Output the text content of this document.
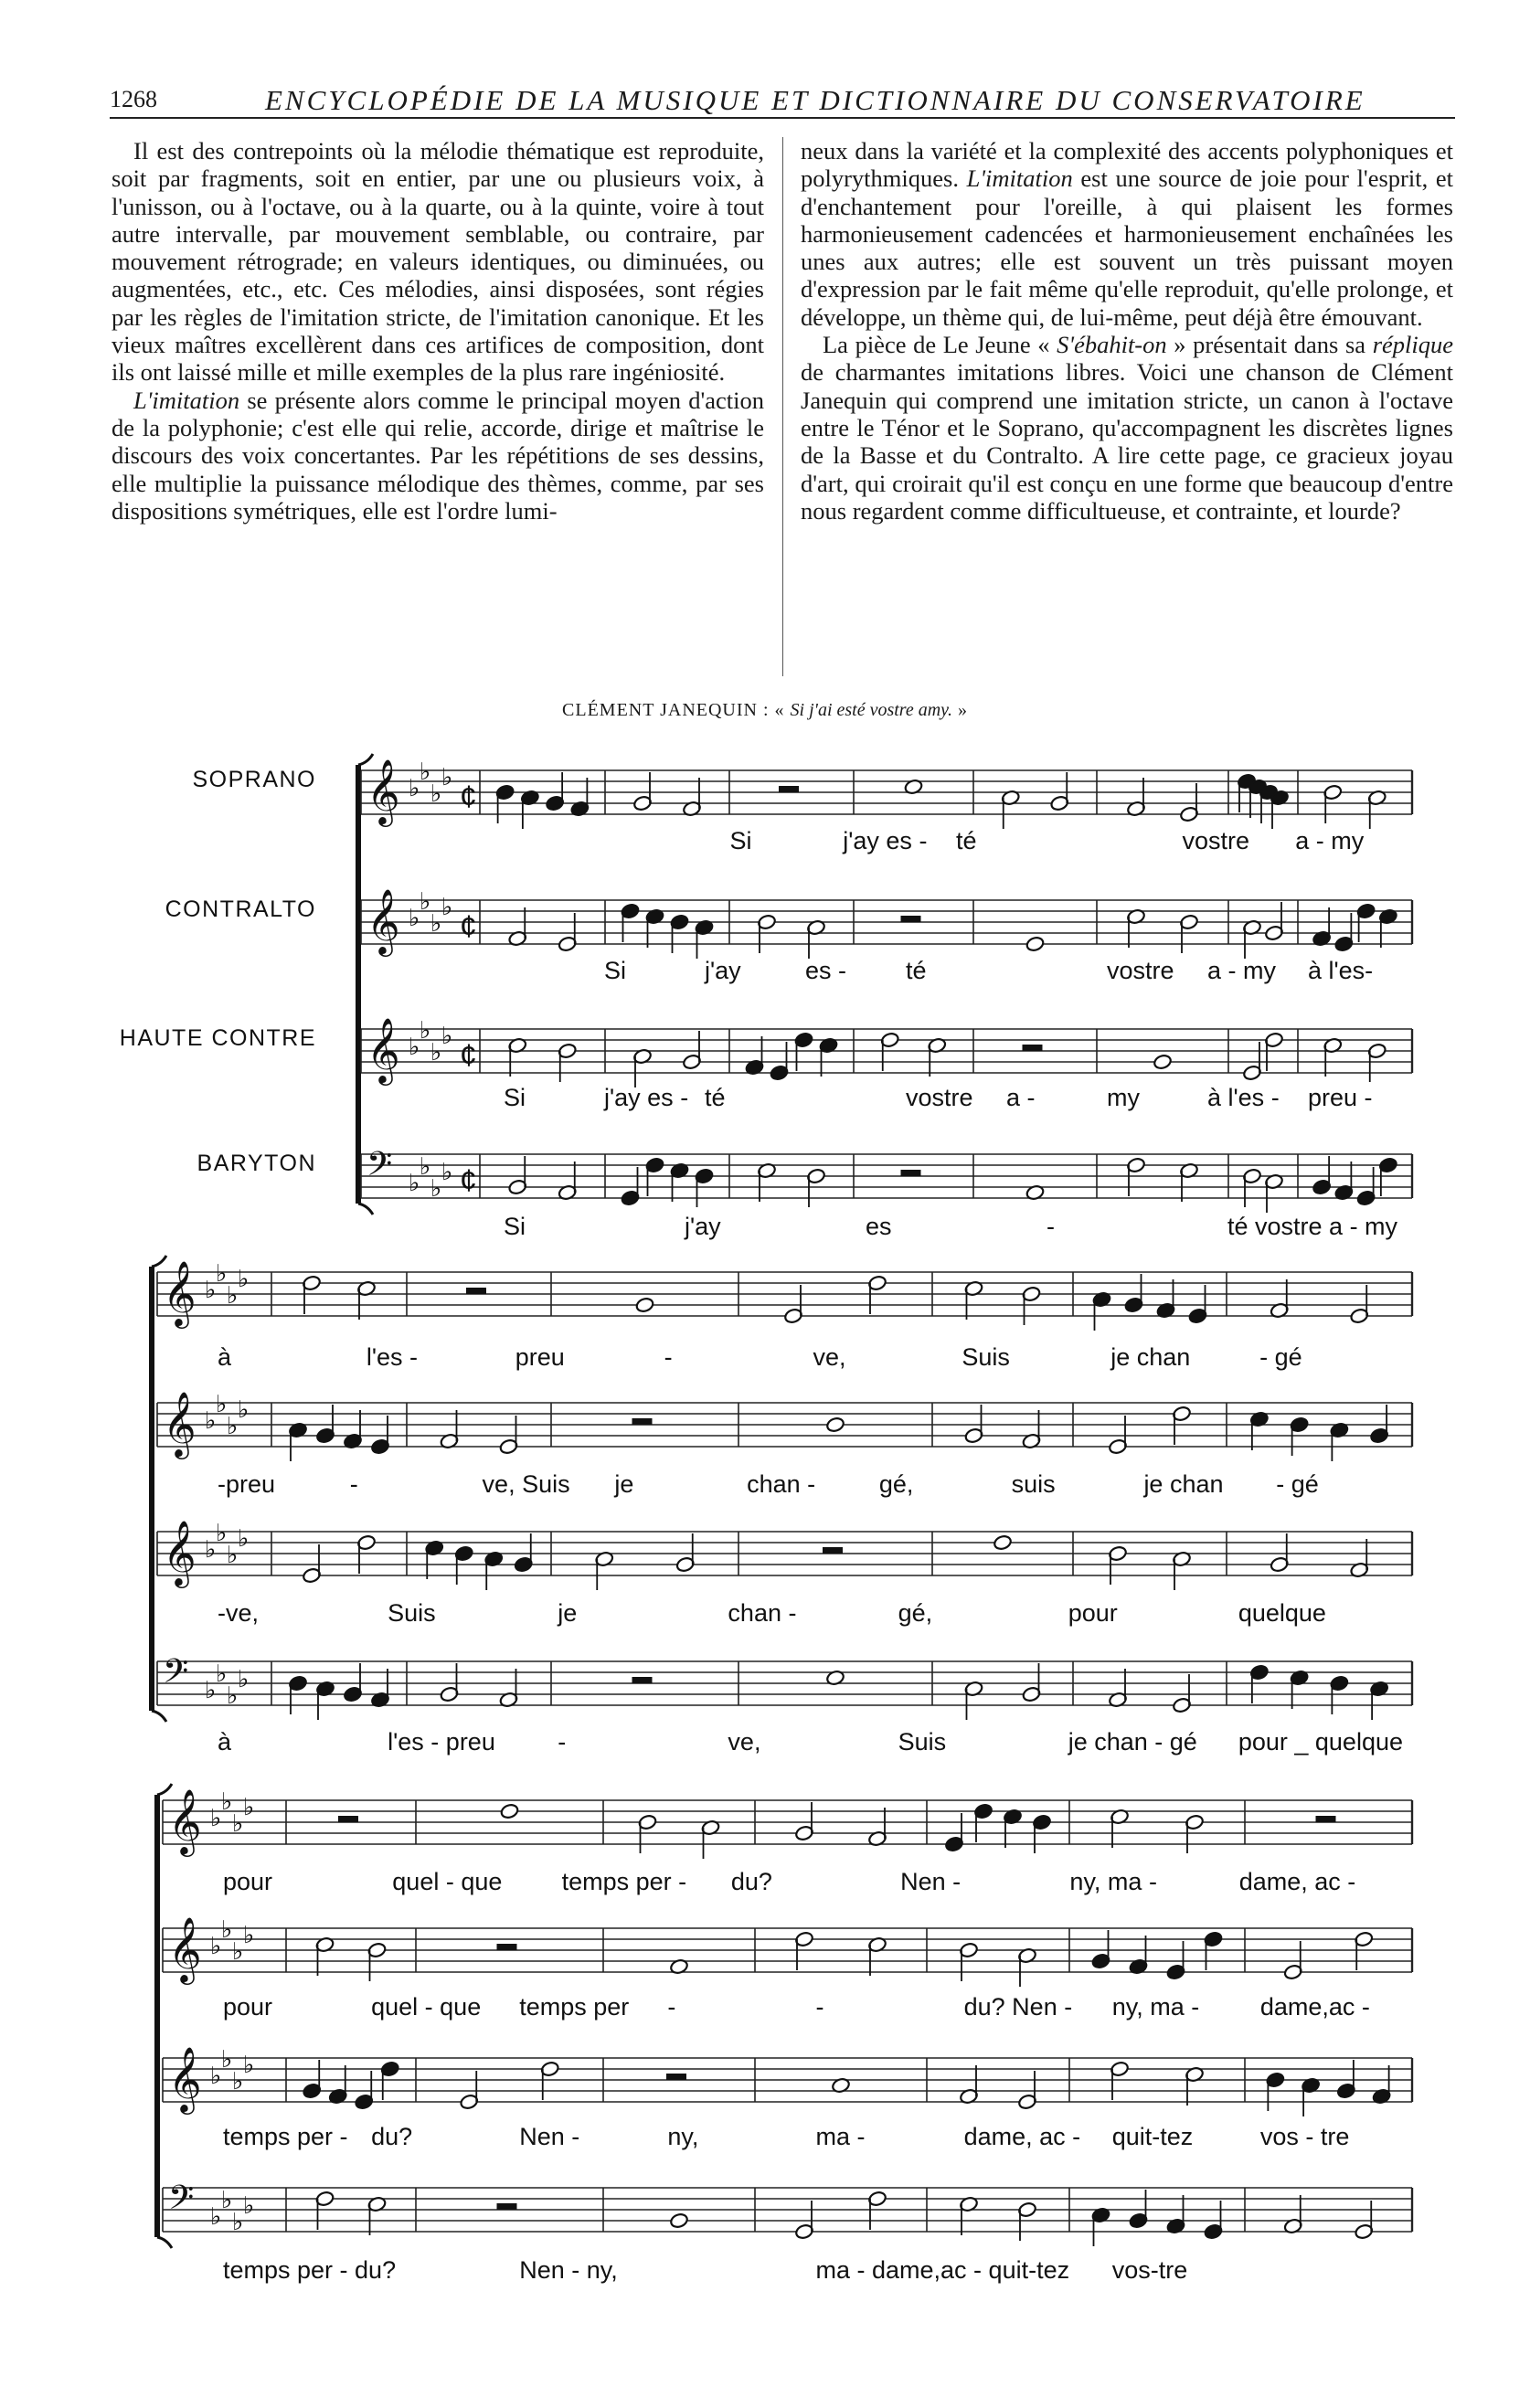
1268	ENCYCLOPÉDIE DE LA MUSIQUE ET DICTIONNAIRE DU CONSERVATOIRE

Il est des contrepoints où la mélodie thématique est reproduite, soit par fragments, soit en entier, par une ou plusieurs voix, à l'unisson, ou à l'octave, ou à la quarte, ou à la quinte, voire à tout autre intervalle, par mouvement semblable, ou contraire, par mouvement rétrograde; en valeurs identiques, ou diminuées, ou augmentées, etc., etc. Ces mélodies, ainsi disposées, sont régies par les règles de l'imitation stricte, de l'imitation canonique. Et les vieux maîtres excellèrent dans ces artifices de composition, dont ils ont laissé mille et mille exemples de la plus rare ingéniosité.

L'imitation se présente alors comme le principal moyen d'action de la polyphonie; c'est elle qui relie, accorde, dirige et maîtrise le discours des voix concertantes. Par les répétitions de ses dessins, elle multiplie la puissance mélodique des thèmes, comme, par ses dispositions symétriques, elle est l'ordre lumi-

neux dans la variété et la complexité des accents polyphoniques et polyrythmiques. L'imitation est une source de joie pour l'esprit, et d'enchantement pour l'oreille, à qui plaisent les formes harmonieusement cadencées et harmonieusement enchaînées les unes aux autres; elle est souvent un très puissant moyen d'expression par le fait même qu'elle reproduit, qu'elle prolonge, et développe, un thème qui, de lui-même, peut déjà être émouvant.

La pièce de Le Jeune « S'ébahit-on » présentait dans sa réplique de charmantes imitations libres. Voici une chanson de Clément Janequin qui comprend une imitation stricte, un canon à l'octave entre le Ténor et le Soprano, qu'accompagnent les discrètes lignes de la Basse et du Contralto. A lire cette page, ce gracieux joyau d'art, qui croirait qu'il est conçu en une forme que beaucoup d'entre nous regardent comme difficultueuse, et contrainte, et lourde?

CLÉMENT JANEQUIN : « Si j'ai esté vostre amy. »
𝄞 ♭
♭
♭
♭
¢
Si	j'ay es - té	vostre a - my
𝄞 ♭
♭
♭
♭
¢
Si	j'ay	es - té	vostre a - my à l'es-
𝄞 ♭
♭
♭
♭
¢
Si	j'ay es - té	vostre a -	my	à l'es - preu -
𝄢 ♭
♭
♭
♭ ¢
Si	j'ay	es	-	té vostre a - my
SOPRANO
CONTRALTO
HAUTE CONTRE
BARYTON
𝄞 ♭
♭
♭
♭
à	l'es -	preu	-	ve,	Suis	je chan	- gé
𝄞 ♭
♭
♭
♭
-preu	-	ve, Suis je	chan -	gé,	suis	je chan - gé
𝄞 ♭
♭
♭
♭
-ve,	Suis	je	chan -	gé,	pour	quelque
𝄢 ♭
♭
♭
♭
à	l'es - preu	-	ve,	Suis	je chan - gé pour _ quelque
𝄞 ♭
♭
♭
♭
pour	quel - que temps per - du?	Nen -	ny, ma -	dame, ac -
𝄞 ♭
♭
♭
♭
pour	quel - que temps per -	-	du? Nen - ny, ma - dame,ac -
𝄞 ♭
♭
♭
♭
temps per - du?	Nen -	ny,	ma -	dame, ac - quit-tez	vos - tre
𝄢 ♭
♭
♭
♭
temps per - du?	Nen - ny,	ma - dame,ac - quit-tez vos-tre
